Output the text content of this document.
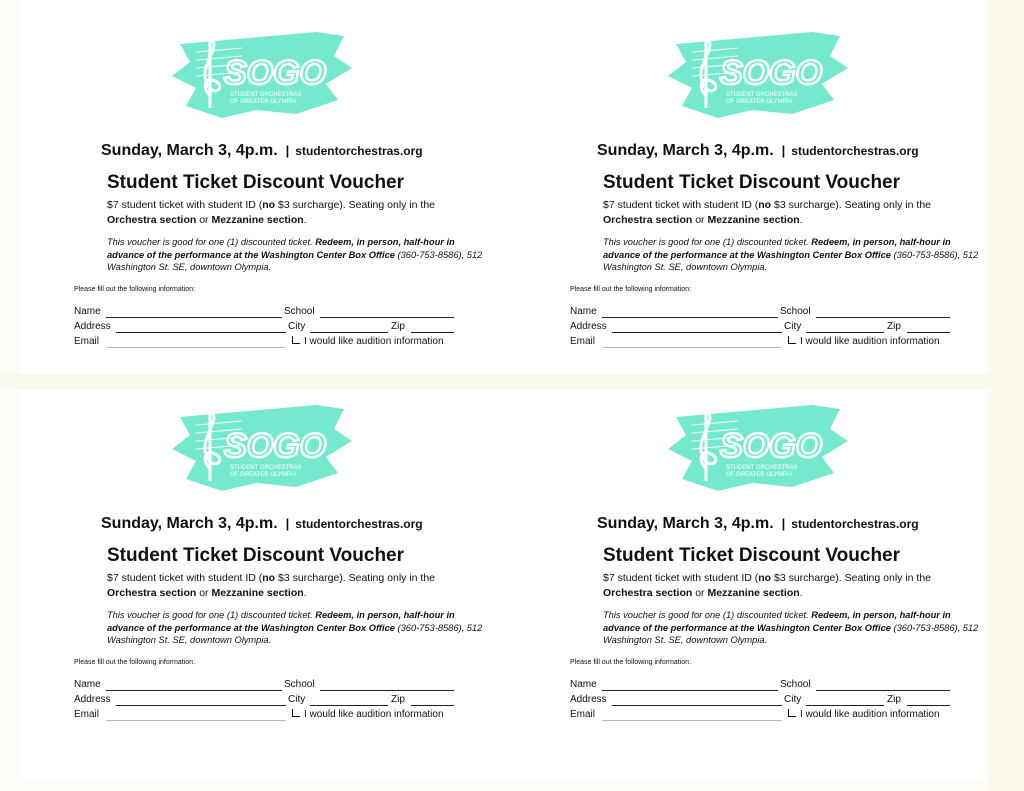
SOGO
STUDENT ORCHESTRAS
OF GREATER OLYMPIA
Sunday, March 3, 4p.m. | studentorchestras.org
Student Ticket Discount Voucher
$7 student ticket with student ID (no $3 surcharge). Seating only in the Orchestra section or Mezzanine section.
This voucher is good for one (1) discounted ticket. Redeem, in person, half-hour in advance of the performance at the Washington Center Box Office (360-753-8586), 512 Washington St. SE, downtown Olympia.
Please fill out the following information:
Name	School
Address	City	Zip
Email	I would like audition information
SOGO
STUDENT ORCHESTRAS
OF GREATER OLYMPIA
Sunday, March 3, 4p.m. | studentorchestras.org
Student Ticket Discount Voucher
$7 student ticket with student ID (no $3 surcharge). Seating only in the Orchestra section or Mezzanine section.
This voucher is good for one (1) discounted ticket. Redeem, in person, half-hour in advance of the performance at the Washington Center Box Office (360-753-8586), 512 Washington St. SE, downtown Olympia.
Please fill out the following information:
Name	School
Address	City	Zip
Email	I would like audition information
SOGO
STUDENT ORCHESTRAS
OF GREATER OLYMPIA
Sunday, March 3, 4p.m. | studentorchestras.org
Student Ticket Discount Voucher
$7 student ticket with student ID (no $3 surcharge). Seating only in the Orchestra section or Mezzanine section.
This voucher is good for one (1) discounted ticket. Redeem, in person, half-hour in advance of the performance at the Washington Center Box Office (360-753-8586), 512 Washington St. SE, downtown Olympia.
Please fill out the following information:
Name	School
Address	City	Zip
Email	I would like audition information
SOGO
STUDENT ORCHESTRAS
OF GREATER OLYMPIA
Sunday, March 3, 4p.m. | studentorchestras.org
Student Ticket Discount Voucher
$7 student ticket with student ID (no $3 surcharge). Seating only in the Orchestra section or Mezzanine section.
This voucher is good for one (1) discounted ticket. Redeem, in person, half-hour in advance of the performance at the Washington Center Box Office (360-753-8586), 512 Washington St. SE, downtown Olympia.
Please fill out the following information:
Name	School
Address	City	Zip
Email	I would like audition information
